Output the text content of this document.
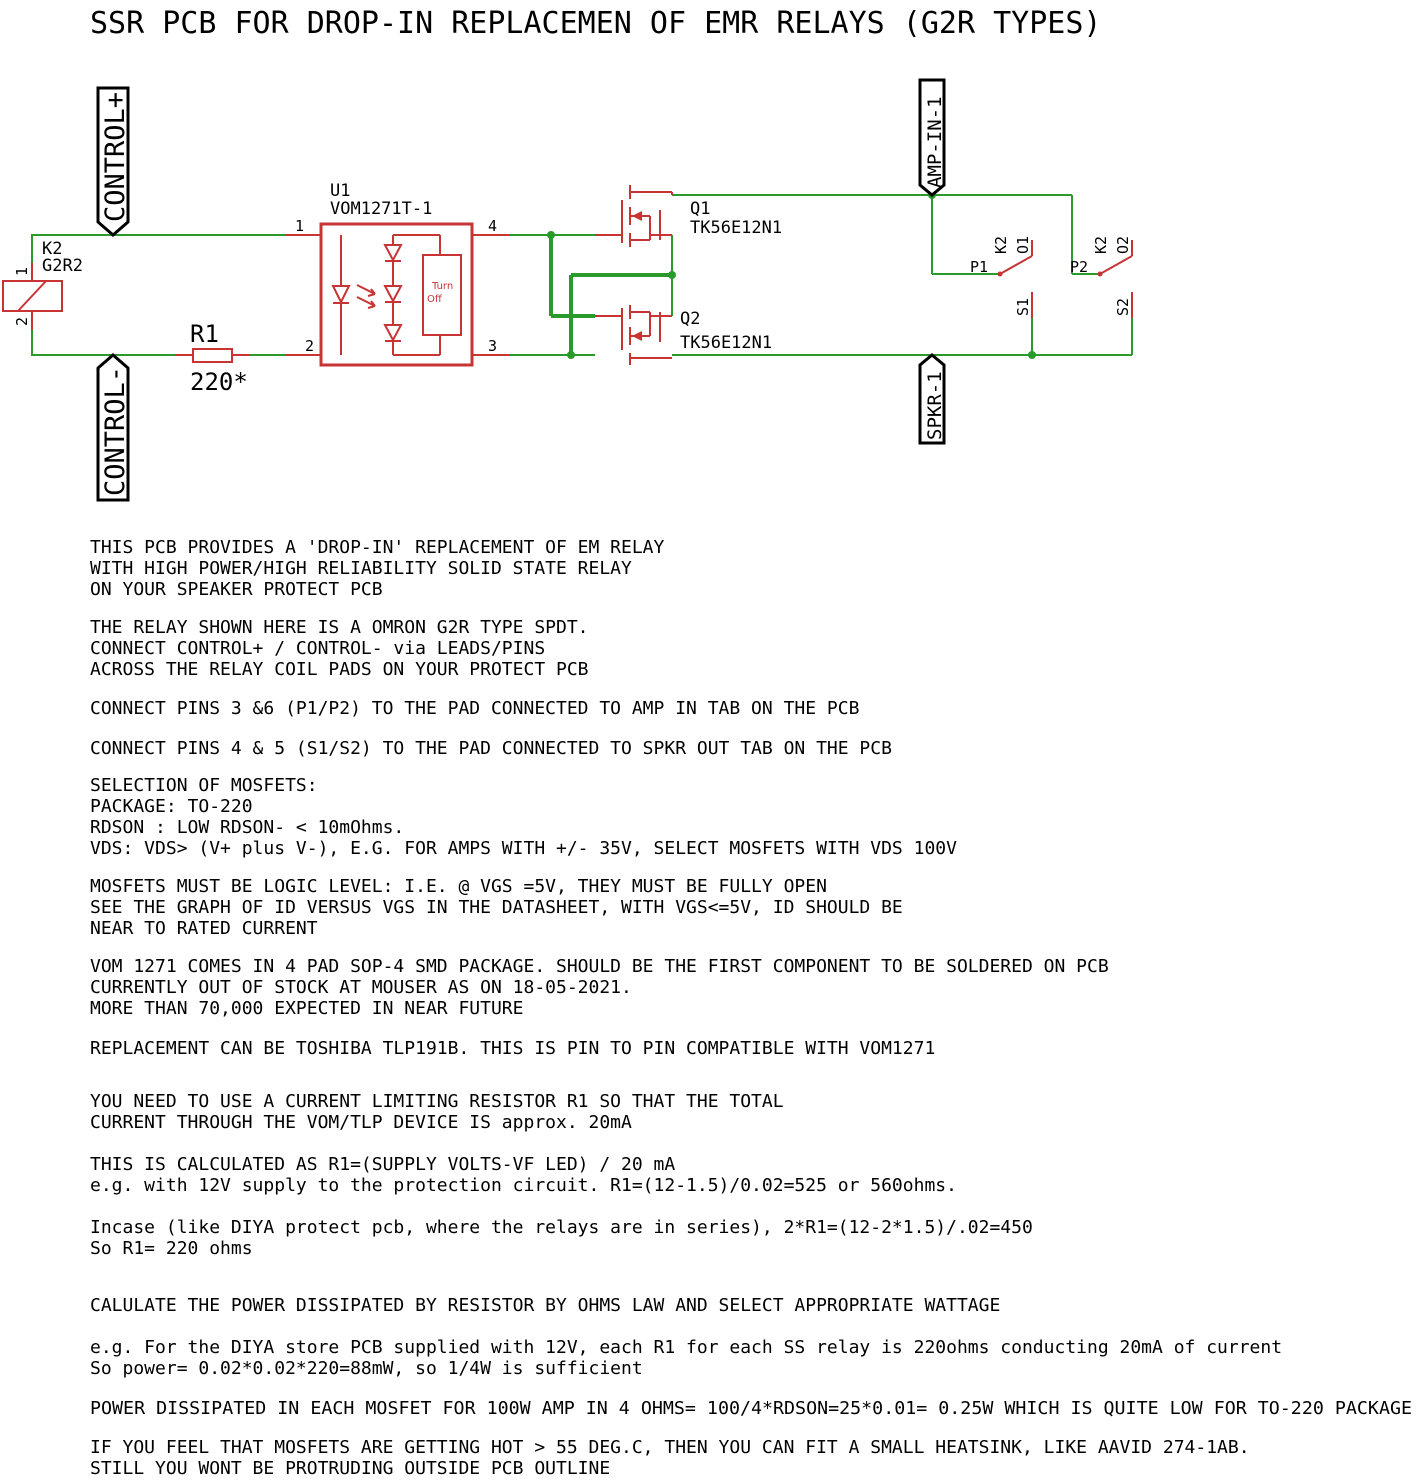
SSR PCB FOR DROP-IN REPLACEMEN OF EMR RELAYS (G2R TYPES)
CONTROL+
CONTROL-
AMP-IN-1
SPKR-1
K2
G2R2
1
2	R1
220*
U1
VOM1271T-1
1
2	3
4
Turn
Off
Q1
TK56E12N1
Q2
TK56E12N1
P1
K2 O1
S1
P2
K2 O2
S2
THIS PCB PROVIDES A 'DROP-IN' REPLACEMENT OF EM RELAY
WITH HIGH POWER/HIGH RELIABILITY SOLID STATE RELAY
ON YOUR SPEAKER PROTECT PCB
THE RELAY SHOWN HERE IS A OMRON G2R TYPE SPDT.
CONNECT CONTROL+ / CONTROL- via LEADS/PINS
ACROSS THE RELAY COIL PADS ON YOUR PROTECT PCB
CONNECT PINS 3 &6 (P1/P2) TO THE PAD CONNECTED TO AMP IN TAB ON THE PCB
CONNECT PINS 4 & 5 (S1/S2) TO THE PAD CONNECTED TO SPKR OUT TAB ON THE PCB
SELECTION OF MOSFETS:
PACKAGE: TO-220
RDSON : LOW RDSON- < 10mOhms.
VDS: VDS> (V+ plus V-), E.G. FOR AMPS WITH +/- 35V, SELECT MOSFETS WITH VDS 100V
MOSFETS MUST BE LOGIC LEVEL: I.E. @ VGS =5V, THEY MUST BE FULLY OPEN
SEE THE GRAPH OF ID VERSUS VGS IN THE DATASHEET, WITH VGS<=5V, ID SHOULD BE
NEAR TO RATED CURRENT
VOM 1271 COMES IN 4 PAD SOP-4 SMD PACKAGE. SHOULD BE THE FIRST COMPONENT TO BE SOLDERED ON PCB
CURRENTLY OUT OF STOCK AT MOUSER AS ON 18-05-2021.
MORE THAN 70,000 EXPECTED IN NEAR FUTURE
REPLACEMENT CAN BE TOSHIBA TLP191B. THIS IS PIN TO PIN COMPATIBLE WITH VOM1271
YOU NEED TO USE A CURRENT LIMITING RESISTOR R1 SO THAT THE TOTAL
CURRENT THROUGH THE VOM/TLP DEVICE IS approx. 20mA
THIS IS CALCULATED AS R1=(SUPPLY VOLTS-VF LED) / 20 mA
e.g. with 12V supply to the protection circuit. R1=(12-1.5)/0.02=525 or 560ohms.
Incase (like DIYA protect pcb, where the relays are in series), 2*R1=(12-2*1.5)/.02=450
So R1= 220 ohms
CALULATE THE POWER DISSIPATED BY RESISTOR BY OHMS LAW AND SELECT APPROPRIATE WATTAGE
e.g. For the DIYA store PCB supplied with 12V, each R1 for each SS relay is 220ohms conducting 20mA of current
So power= 0.02*0.02*220=88mW, so 1/4W is sufficient
POWER DISSIPATED IN EACH MOSFET FOR 100W AMP IN 4 OHMS= 100/4*RDSON=25*0.01= 0.25W WHICH IS QUITE LOW FOR TO-220 PACKAGE
IF YOU FEEL THAT MOSFETS ARE GETTING HOT > 55 DEG.C, THEN YOU CAN FIT A SMALL HEATSINK, LIKE AAVID 274-1AB.
STILL YOU WONT BE PROTRUDING OUTSIDE PCB OUTLINE
